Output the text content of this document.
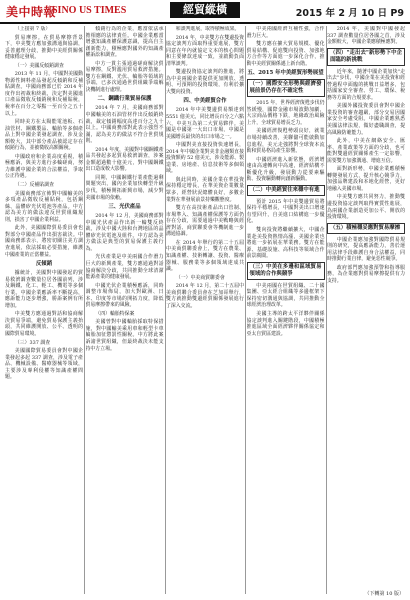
美中時報
SINO US TIMES	經貿縱橫	2015 年 2 月 10 日 P9
（上接第 7 版）
貿易摩擦。在貿易摩擦背景下，中美雙方應加強溝通與協調，妥善處理分歧，推動中美經貿關係健康穩定發展。
（一）美國反傾銷調查
2013 年 11 月，中國對美國動物源性飼料產品發起反傾銷和反補貼調查。中國商務部已於 2014 年度作出初裁和終裁，決定對美國進口產品徵收反傾銷稅和反補貼稅，稅率在百分之零點一至百分之五十以上。
同時美方在太陽能電池板、石油管材、鋼鐵製品、輪胎等多個產品上對中國企業發起調查，涉及金額較大，其中部分產品被認定存在傾銷行為，並被徵收高額關稅。
中國政府和企業高度重視，積極應訴，與美方進行多輪磋商，努力維護中國企業的合法權益，爭取公正待遇。
（二）反補貼調查
美國商務部宣佈對中國輸美的多項產品徵收反補貼稅，包括鋼絲、晶體矽光伏電池等產品。中方認為美方的做法違反世貿組織規則，損害了中國企業利益。
此外，美國國際貿易委員會也對部分中國產品作出損害裁決。中國商務部表示，將密切關注美方調查進展，依法採取必要措施，維護中國產業的正當權益。
反傾銷
據統計，美國對中國發起的貿易救濟調查數量位居各國前列，涉及鋼鐵、化工、輕工、機電等多個行業。中國企業應訴率不斷提高，應訴能力逐步增強，勝訴案例有所增加。
中美雙方應通過對話和協商解決貿易爭端，避免貿易保護主義抬頭，共同維護開放、公平、透明的國際貿易環境。
（三）337 調查
美國國際貿易委員會對中國企業發起多起 337 調查，涉及電子產品、機械設備、醫療器械等領域，主要涉及專利侵權等知識產權問題。
傾銷行為的企業，應當依法承擔相應的法律責任。中國企業應當增強知識產權保護意識，提高自主創新能力，積極應對國外的知識產權訴訟和調查。
中方一貫主張通過磋商解決貿易摩擦，反對濫用貿易救濟措施。雙方在鋼鐵、光伏、輪胎等領域的爭端，已多次通過世貿組織爭端解決機制進行處理。
二、鋼鐵行業貿易保護
2014 年 7 月，美國商務部對中國輸美的石油管材作出反傾銷終裁，裁定傾銷幅度高達百分之九十以上。中國商務部對此表示強烈不滿，認為美方的做法不符合世貿規則。
2014 年度，美國對中國鋼鐵產品共發起多起貿易救濟調查，涉案金額超過數十億美元，對中國鋼鐵出口造成較大影響。
同期，中國鋼鐵行業產能過剩問題突出，國內企業加快轉型升級步伐，積極開拓新興市場，減少對美國市場的依賴。
三、光伏產品
2014 年 12 月，美國商務部對中國光伏產品作出新一輪雙反終裁，涉及中國大陸和台灣地區的晶體矽光伏電池及組件。中方認為美方做法是典型的貿易保護主義行為。
光伏產業是中美兩國合作潛力巨大的新興產業，雙方應通過對話協商解決分歧，共同推動全球清潔能源產業的健康發展。
中國光伏企業積極應訴，同時調整市場佈局，加大對歐洲、日本、印度等市場的開拓力度，降低貿易摩擦帶來的風險。
（四）輪胎特保案
美國曾對中國輪胎採取特保措施，對中國輸美乘用車和輕型卡車輪胎加征懲罰性關稅。中方將此案訴諸世貿組織，但最終裁決未能支持中方立場。
和談判進展，取得積極成果。
2014 年，中美雙方在雙邊投資協定談判方面取得重要進展，雙方同意在年內就協定文本的核心問題和主要條款達成一致，並啟動負面清單談判。
雙邊投資協定談判的推進，將為中美兩國企業提供更加開放、透明、可預期的投資環境，有利於擴大雙向投資。
四、中美經貿合作
2014 年中美雙邊貿易額達到 5551 億美元，同比增長百分之六點六，中美互為第二大貿易夥伴。美國是中國第一大出口市場，中國是美國增長最快的出口市場之一。
中國對美直接投資快速增長，2014 年中國企業對美非金融類直接投資額約 52 億美元，涉及能源、製造業、房地產、信息技術等多個領域。
與此同時，美國企業在華投資保持穩定增長，在華美資企業數量眾多，經營狀況總體良好，多數企業對在華發展前景持樂觀態度。
雙方在高技術產品出口管制、市場準入、知識產權保護等方面仍存在分歧，需要通過中美戰略與經濟對話、商貿聯委會等機制進一步溝通協調。
在 2014 年舉行的第二十五屆中美商貿聯委會上，雙方在農業、知識產權、技術轉讓、投資、醫療器械、服務業等多個領域達成共識。
（一）中美商貿聯委會
2014 年 12 月，第二十五屆中美商貿聯合委員會在芝加哥舉行，雙方就推動雙邊經貿關係發展進行了深入交流。
中美兩國經濟互補性強，合作潛力巨大。
雙方應在擴大貿易規模、優化貿易結構、促進雙向投資、加強地方合作等方面進一步深化合作，推動中美經貿關係邁上新台階。
五、2015 年中美經貿形勢展望
（一）國際安全形勢與經濟發展前景仍存在不確定性
2015 年，世界經濟復甦步伐仍然緩慢，國際金融市場波動加劇，大宗商品價格下跌，地緣政治風險上升，全球貿易增長乏力。
美國經濟復甦勢頭良好，就業市場持續改善，美聯儲可能啟動加息進程，美元走強將對全球資本流動和貿易格局產生影響。
中國經濟進入新常態，經濟增速由高速轉向中高速，經濟結構不斷優化升級，發展動力從要素驅動、投資驅動轉向創新驅動。
（二）中美經貿往來穩中有進
預計 2015 年中美雙邊貿易將保持平穩增長，中國對美出口增速有望回升，自美進口結構進一步優化。
雙向投資將繼續擴大，中國企業赴美投資熱情高漲，美國企業也將進一步拓展在華業務。雙方在能源、基礎設施、高科技等領域合作前景廣闊。
（三）中美在多邊和區域貿易領域的合作與競爭
中美兩國在世貿組織、二十國集團、亞太經合組織等多邊框架下保持密切溝通與協調，共同推動全球經濟治理改革。
美國主導的跨太平洋夥伴關係協定談判進入關鍵階段，中國積極推進區域全面經濟夥伴關係協定和亞太自貿區建設。
2014 年，美國對中國發起 337 調查數量位居各國之首，涉及金額較大，中國企業應積極應對。
（四）"走出去"新形勢下中企面臨的新挑戰
近年來，隨著中國企業加快"走出去"步伐，中國企業在美投資和經營過程中面臨的挑戰日益增多，包括國家安全審查、勞工、環保、稅務等方面的合規要求。
美國外國投資委員會對中國企業投資的審查趨嚴，部分交易因國家安全考慮受阻。中國企業應熟悉美國法律法規，做好盡職調查，提高風險防範能力。
此外，中美在網絡安全、匯率、產業政策等方面的分歧，也可能對雙邊經貿關係產生一定影響，需要雙方加強溝通、增進互信。
面對新形勢，中國企業應積極轉變發展方式，提升核心競爭力，加強品牌建設和本地化經營，更好地融入美國市場。
中美雙方應共同努力，推動雙邊投資協定談判取得實質性進展，為兩國企業創造更加公平、開放的投資環境。
（五）積極穩妥應對貿易摩擦
中國企業應加強對國際貿易規則的研究，提高應訴能力，善於運用法律手段維護自身合法權益，同時推動行業自律，避免惡性競爭。
政府部門應加強預警和指導服務，為企業應對貿易摩擦提供有力支持。
（下轉第 10 版）
